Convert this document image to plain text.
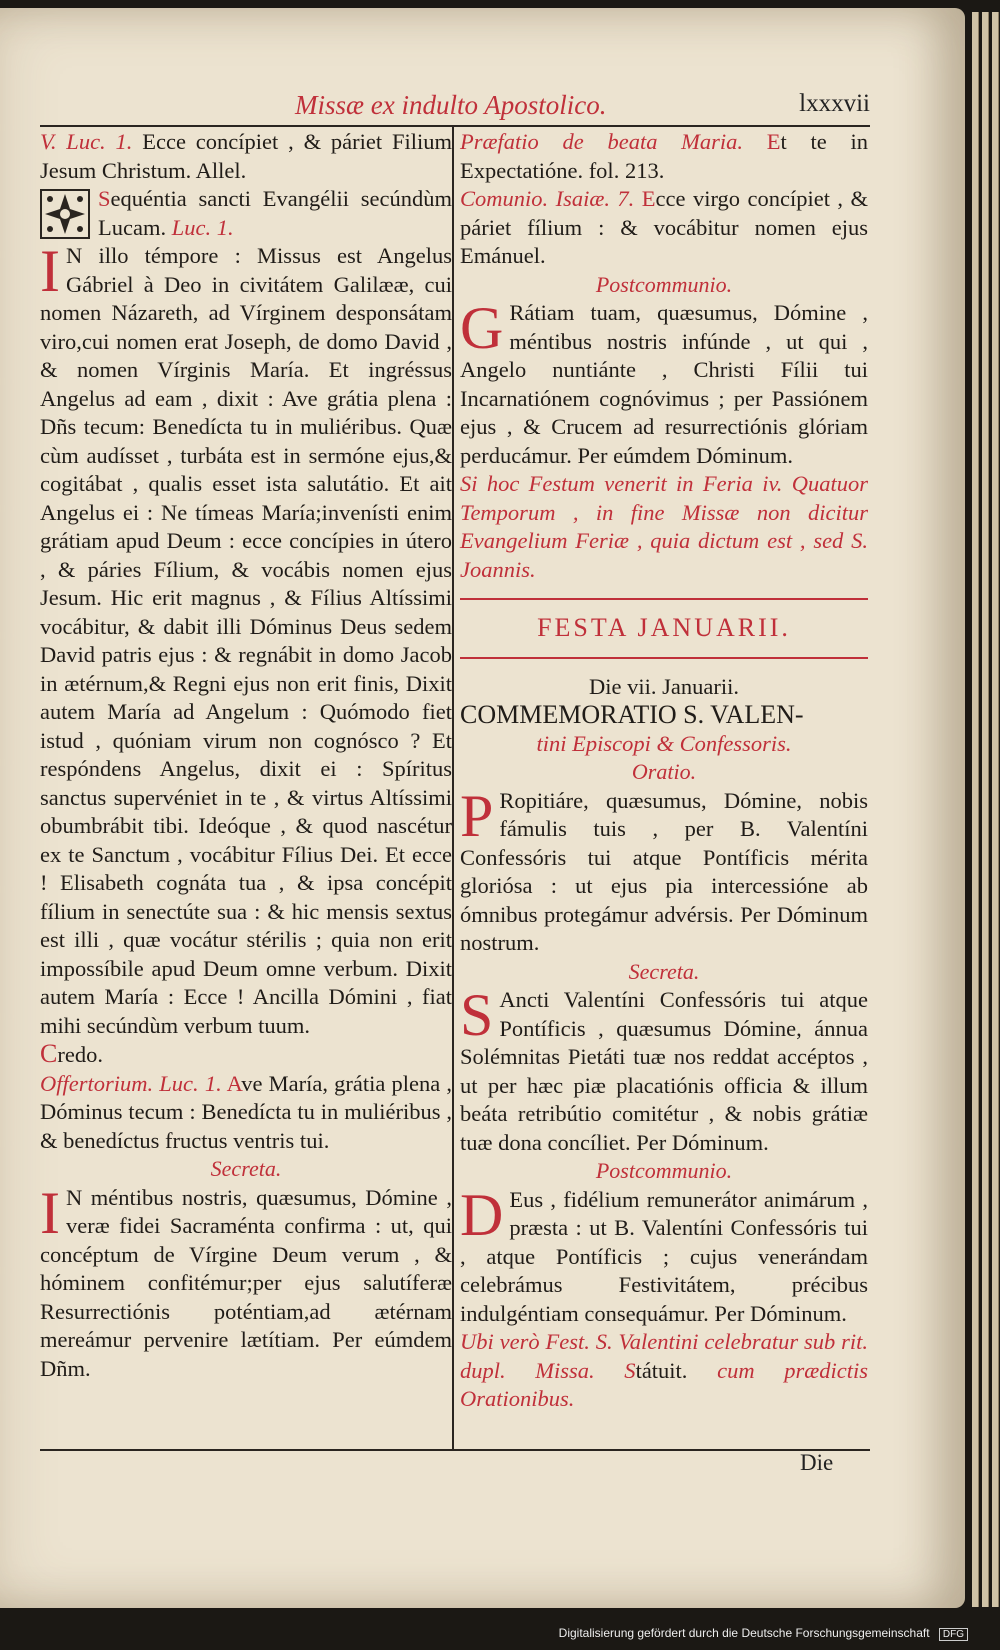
Missæ ex indulto Apostolico.	lxxxvii
Die

V. Luc. 1. Ecce concípiet , & páriet Filium Jesum Christum. Allel.

Sequéntia sancti Evangélii secúndùm Lucam. Luc. 1.

I N illo témpore : Missus est Angelus Gábriel à Deo in civitátem Galilææ, cui nomen Názareth, ad Vírginem desponsátam viro,cui nomen erat Joseph, de domo David , & nomen Vírginis María. Et ingréssus Angelus ad eam , dixit : Ave grátia plena : Dñs tecum: Benedícta tu in muliéribus. Quæ cùm audísset , turbáta est in sermóne ejus,& cogitábat , qualis esset ista salutátio. Et ait Angelus ei : Ne tímeas María;invenísti enim grátiam apud Deum : ecce concípies in útero , & páries Fílium, & vocábis nomen ejus Jesum. Hic erit magnus , & Fílius Altíssimi vocábitur, & dabit illi Dóminus Deus sedem David patris ejus : & regnábit in domo Jacob in ætérnum,& Regni ejus non erit finis, Dixit autem María ad Angelum : Quómodo fiet istud , quóniam virum non cognósco ? Et respóndens Angelus, dixit ei : Spíritus sanctus supervéniet in te , & virtus Altíssimi obumbrábit tibi. Ideóque , & quod nascétur ex te Sanctum , vocábitur Fílius Dei. Et ecce ! Elisabeth cognáta tua , & ipsa concépit fílium in senectúte sua : & hic mensis sextus est illi , quæ vocátur stérilis ; quia non erit impossíbile apud Deum omne verbum. Dixit autem María : Ecce ! Ancilla Dómini , fiat mihi secúndùm verbum tuum.

Credo.

Offertorium. Luc. 1. Ave María, grátia plena , Dóminus tecum : Benedícta tu in muliéribus , & benedíctus fructus ventris tui.

Secreta.

I N méntibus nostris, quæsumus, Dómine , veræ fidei Sacraménta confirma : ut, qui concéptum de Vírgine Deum verum , & hóminem confitémur;per ejus salutíferæ Resurrectiónis poténtiam,ad ætérnam mereámur pervenire lætítiam. Per eúmdem Dñm.

Præfatio de beata Maria. Et te in Expectatióne. fol. 213.

Comunio. Isaiæ. 7. Ecce virgo concípiet , & páriet fílium : & vocábitur nomen ejus Emánuel.

Postcommunio.

G Rátiam tuam, quæsumus, Dómine , méntibus nostris infúnde , ut qui , Angelo nuntiánte , Christi Fílii tui Incarnatiónem cognóvimus ; per Passiónem ejus , & Crucem ad resurrectiónis glóriam perducámur. Per eúmdem Dóminum.

Si hoc Festum venerit in Feria iv. Quatuor Temporum , in fine Missæ non dicitur Evangelium Feriæ , quia dictum est , sed S. Joannis.

FESTA JANUARII.

Die vii. Januarii.

COMMEMORATIO S. VALEN-

tini Episcopi & Confessoris.

Oratio.

P Ropitiáre, quæsumus, Dómine, nobis fámulis tuis , per B. Valentíni Confessóris tui atque Pontíficis mérita gloriósa : ut ejus pia intercessióne ab ómnibus protegámur advérsis. Per Dóminum nostrum.

Secreta.

S Ancti Valentíni Confessóris tui atque Pontíficis , quæsumus Dómine, ánnua Solémnitas Pietáti tuæ nos reddat accéptos , ut per hæc piæ placatiónis officia & illum beáta retribútio comitétur , & nobis grátiæ tuæ dona concíliet. Per Dóminum.

Postcommunio.

D Eus , fidélium remunerátor animárum , præsta : ut B. Valentíni Confessóris tui , atque Pontíficis ; cujus venerándam celebrámus Festivitátem, précibus indulgéntiam consequámur. Per Dóminum.

Ubi verò Fest. S. Valentini celebratur sub rit. dupl. Missa. Státuit. cum prædictis Orationibus.

Digitalisierung gefördert durch die Deutsche Forschungsgemeinschaft DFG
